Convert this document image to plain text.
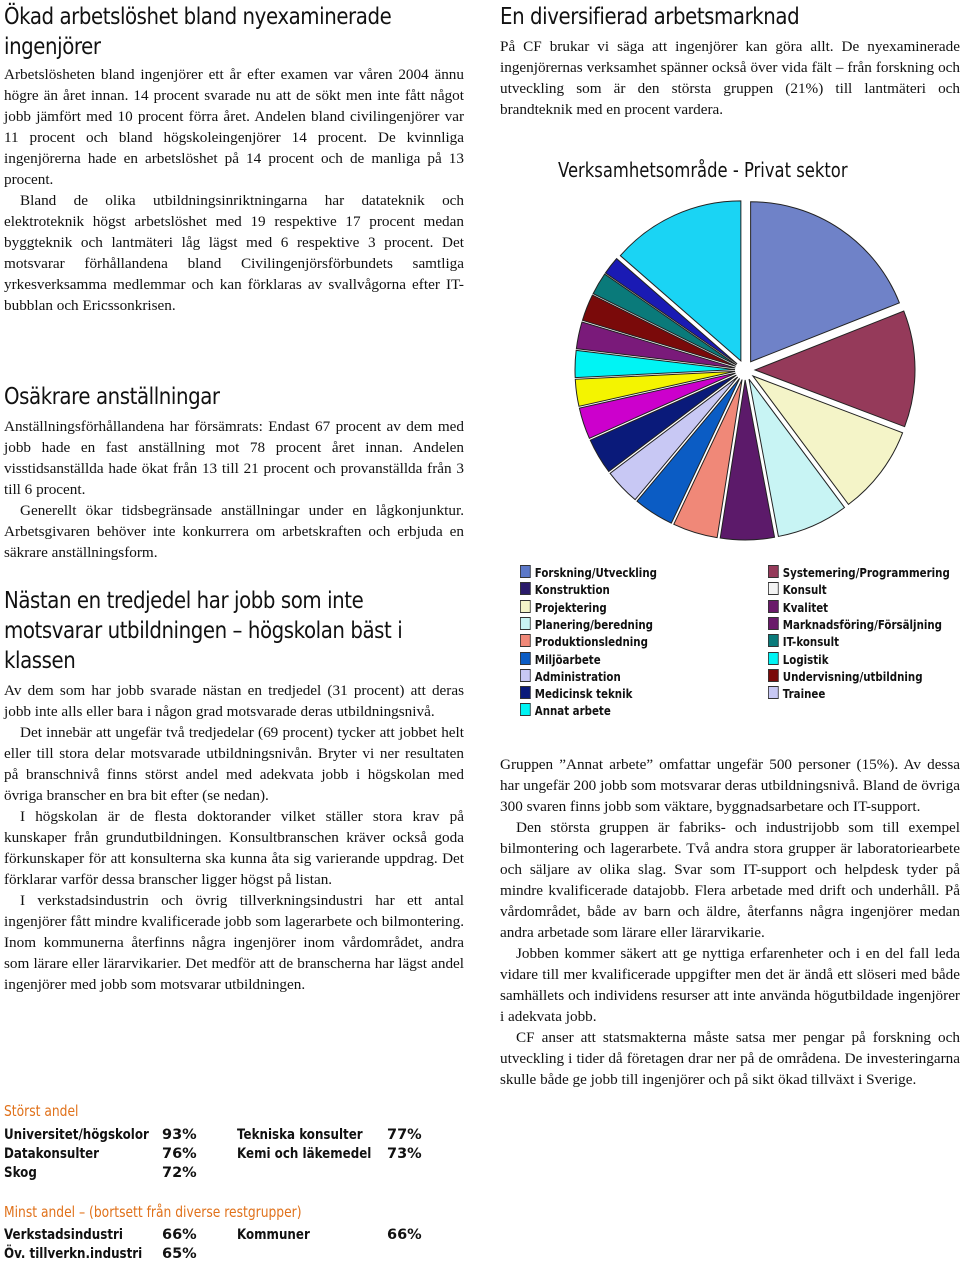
Ökad arbetslöshet bland nyexaminerade
ingenjörer

Arbetslösheten bland ingenjörer ett år efter examen var våren 2004 ännu högre än året innan. 14 procent svarade nu att de sökt men inte fått något jobb jämfört med 10 procent förra året. Andelen bland civilingenjörer var 11 procent och bland högskoleingenjörer 14 procent. De kvinnliga ingenjörerna hade en arbetslöshet på 14 procent och de manliga på 13 procent.

Bland de olika utbildningsinriktningarna har datateknik och elektroteknik högst arbetslöshet med 19 respektive 17 procent medan byggteknik och lantmäteri låg lägst med 6 respektive 3 procent. Det motsvarar förhållandena bland Civilingenjörsförbundets samtliga yrkesverksamma medlemmar och kan förklaras av svallvågorna efter IT-bubblan och Ericssonkrisen.

Osäkrare anställningar

Anställningsförhållandena har försämrats: Endast 67 procent av dem med jobb hade en fast anställning mot 78 procent året innan. Andelen visstidsanställda hade ökat från 13 till 21 procent och provanställda från 3 till 6 procent.

Generellt ökar tidsbegränsade anställningar under en lågkonjunktur. Arbetsgivaren behöver inte konkurrera om arbetskraften och erbjuda en säkrare anställningsform.

Nästan en tredjedel har jobb som inte
motsvarar utbildningen – högskolan bäst i
klassen

Av dem som har jobb svarade nästan en tredjedel (31 procent) att deras jobb inte alls eller bara i någon grad motsvarade deras utbildningsnivå.

Det innebär att ungefär två tredjedelar (69 procent) tycker att jobbet helt eller till stora delar motsvarade utbildningsnivån. Bryter vi ner resultaten på branschnivå finns störst andel med adekvata jobb i högskolan med övriga branscher en bra bit efter (se nedan).

I högskolan är de flesta doktorander vilket ställer stora krav på kunskaper från grundutbildningen. Konsultbranschen kräver också goda förkunskaper för att konsulterna ska kunna åta sig varierande uppdrag. Det förklarar varför dessa branscher ligger högst på listan.

I verkstadsindustrin och övrig tillverkningsindustri har ett antal ingenjörer fått mindre kvalificerade jobb som lagerarbete och bilmontering. Inom kommunerna återfinns några ingenjörer inom vårdområdet, andra som lärare eller lärarvikarier. Det medför att de branscherna har lägst andel ingenjörer med jobb som motsvarar utbildningen.

Störst andel
Universitet/högskolor 93%	Tekniska konsulter 77%
Datakonsulter	76%	Kemi och läkemedel 73%
Skog	72%
Minst andel – (bortsett från diverse restgrupper)
Verkstadsindustri	66%	Kommuner	66%
Öv. tillverkn.industri 65%
En diversifierad arbetsmarknad

På CF brukar vi säga att ingenjörer kan göra allt. De nyexaminerade ingenjörernas verksamhet spänner också över vida fält – från forskning och utveckling som är den största gruppen (21%) till lantmäteri och brandteknik med en procent vardera.

Verksamhetsområde - Privat sektor
Forskning/Utveckling
Konstruktion
Projektering
Planering/beredning
Produktionsledning
Miljöarbete
Administration
Medicinsk teknik
Annat arbete
Systemering/Programmering
Konsult
Kvalitet
Marknadsföring/Försäljning
IT-konsult
Logistik
Undervisning/utbildning
Trainee

Gruppen ”Annat arbete” omfattar ungefär 500 personer (15%). Av dessa har ungefär 200 jobb som motsvarar deras utbildningsnivå. Bland de övriga 300 svaren finns jobb som väktare, byggnadsarbetare och IT-support.

Den största gruppen är fabriks- och industrijobb som till exempel bilmontering och lagerarbete. Två andra stora grupper är laboratoriearbete och säljare av olika slag. Svar som IT-support och helpdesk tyder på mindre kvalificerade datajobb. Flera arbetade med drift och underhåll. På vårdområdet, både av barn och äldre, återfanns några ingenjörer medan andra arbetade som lärare eller lärarvikarie.

Jobben kommer säkert att ge nyttiga erfarenheter och i en del fall leda vidare till mer kvalificerade uppgifter men det är ändå ett slöseri med både samhällets och individens resurser att inte använda högutbildade ingenjörer i adekvata jobb.

CF anser att statsmakterna måste satsa mer pengar på forskning och utveckling i tider då företagen drar ner på de områdena. De investeringarna skulle både ge jobb till ingenjörer och på sikt ökad tillväxt i Sverige.
